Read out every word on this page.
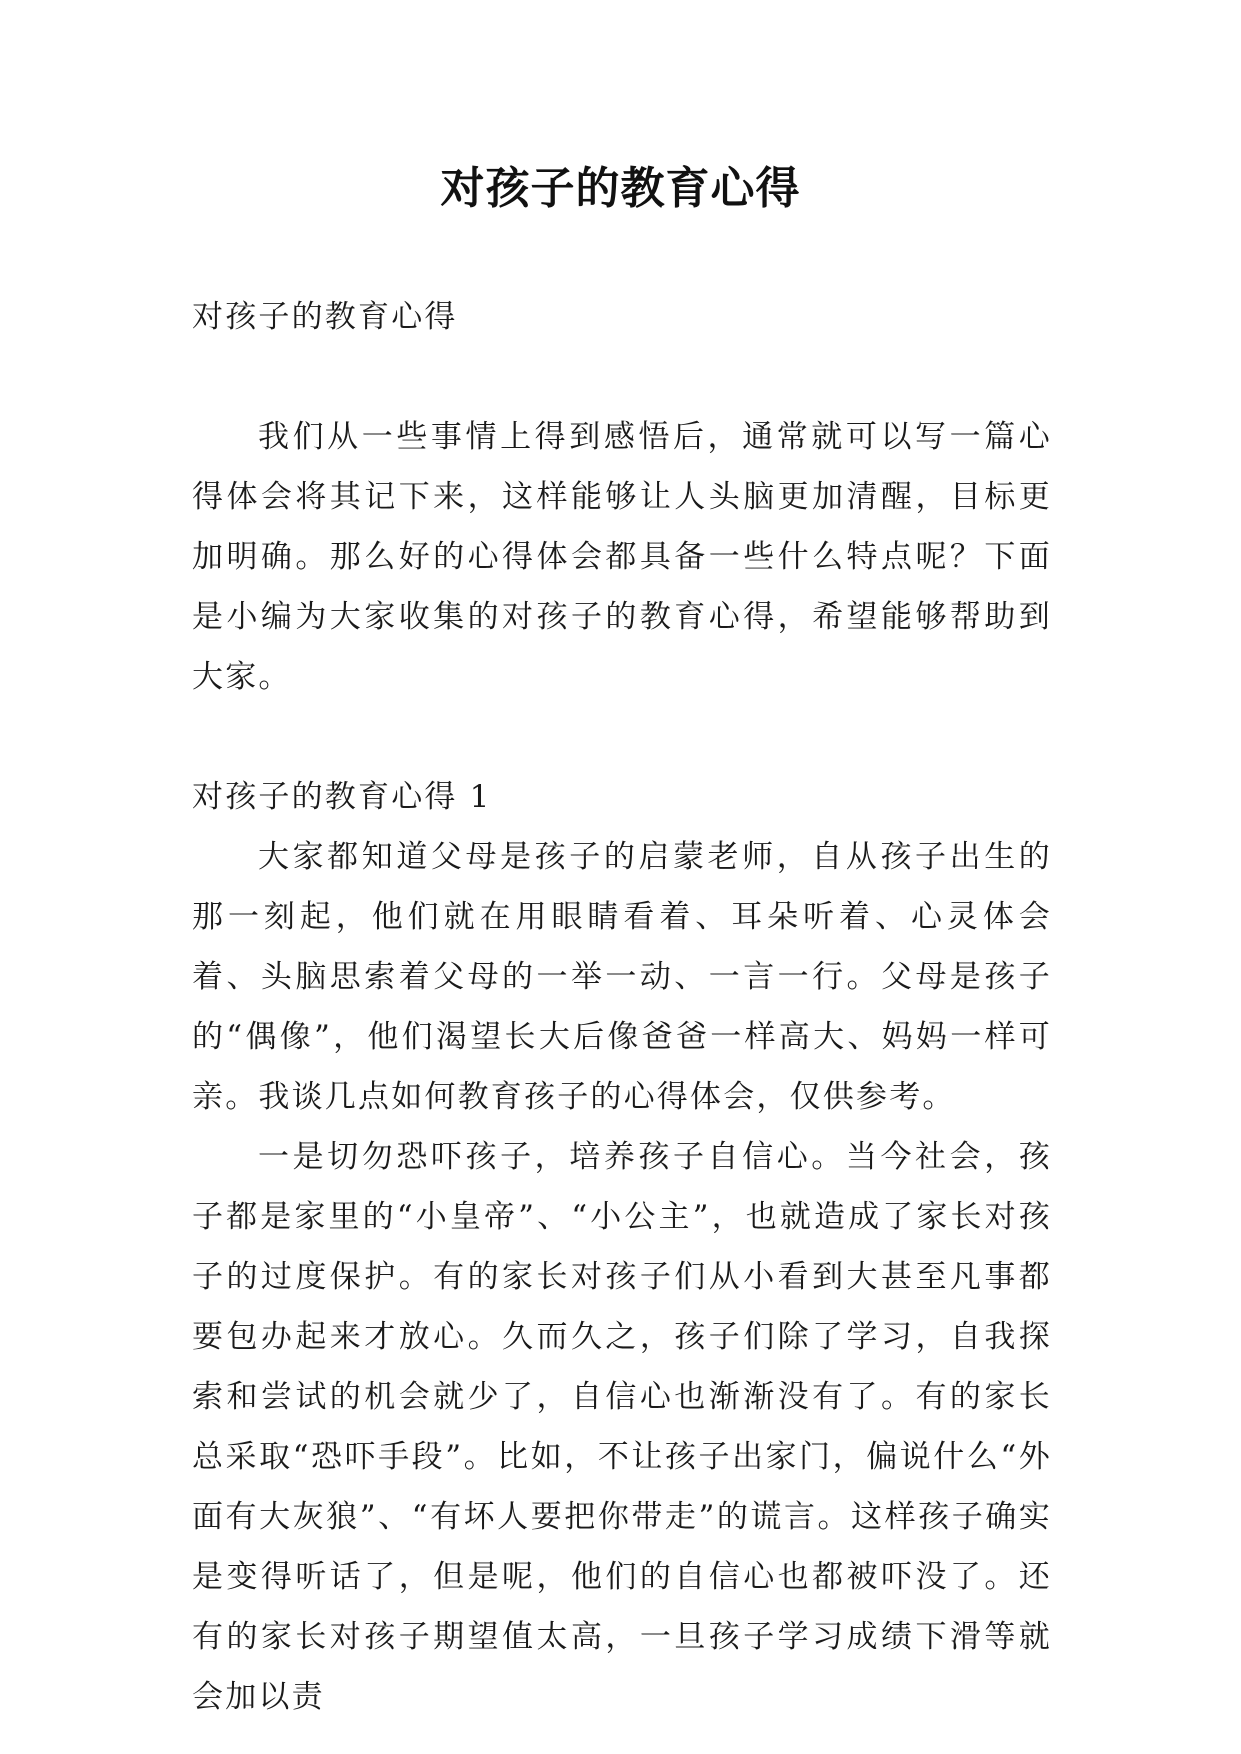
对孩子的教育心得

对孩子的教育心得

我们从一些事情上得到感悟后，通常就可以写一篇心得体会将其记下来，这样能够让人头脑更加清醒，目标更加明确。那么好的心得体会都具备一些什么特点呢？下面是小编为大家收集的对孩子的教育心得，希望能够帮助到大家。

对孩子的教育心得 1

大家都知道父母是孩子的启蒙老师，自从孩子出生的那一刻起，他们就在用眼睛看着、耳朵听着、心灵体会着、头脑思索着父母的一举一动、一言一行。父母是孩子的“偶像”，他们渴望长大后像爸爸一样高大、妈妈一样可亲。我谈几点如何教育孩子的心得体会，仅供参考。

一是切勿恐吓孩子，培养孩子自信心。当今社会，孩子都是家里的“小皇帝”、“小公主”，也就造成了家长对孩子的过度保护。有的家长对孩子们从小看到大甚至凡事都要包办起来才放心。久而久之，孩子们除了学习，自我探索和尝试的机会就少了，自信心也渐渐没有了。有的家长总采取“恐吓手段”。比如，不让孩子出家门，偏说什么“外面有大灰狼”、“有坏人要把你带走”的谎言。这样孩子确实是变得听话了，但是呢，他们的自信心也都被吓没了。还有的家长对孩子期望值太高，一旦孩子学习成绩下滑等就会加以责
